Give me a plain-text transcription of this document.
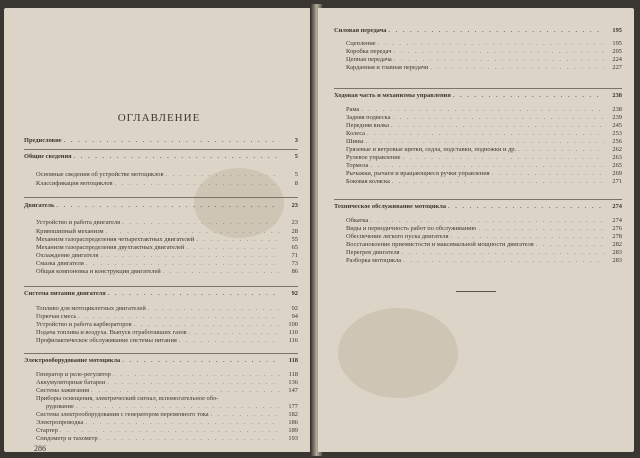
ОГЛАВЛЕНИЕ
Предисловие . . .	3
Общие сведения . . .	5
Основные сведения об устройстве мотоциклов . . .	5
Классификация мотоциклов . . .	8
Двигатель . . .	23
Устройство и работа двигателя . . .	23
Кривошипный механизм . . .	28
Механизм газораспределения четырехтактных двигателей . . .	55
Механизм газораспределения двухтактных двигателей . . .	65
Охлаждение двигателя . . .	71
Смазка двигателя . . .	73
Общая компоновка и конструкция двигателей . . .	86
Система питания двигателя . . .	92
Топливо для мотоциклетных двигателей . . .	92
Горючая смесь . . .	94
Устройство и работа карбюраторов . . .	100
Подача топлива и воздуха. Выпуск отработавших газов . . .	110
Профилактическое обслуживание системы питания . . .	116
Электрооборудование мотоцикла . . .	118
Генератор и реле-регулятор . . .	118
Аккумуляторные батареи . . .	136
Система зажигания . . .	147
Приборы освещения, электрический сигнал, вспомогательное обо-
рудование . . .	177
Система электрооборудования с генератором переменного тока . . .	182
Электропроводка . . .	186
Стартер . . .	189
Спидометр и тахометр . . .	193
286
Силовая передача . . .	195
Сцепление . . .	195
Коробка передач . . .	205
Цепная передача . . .	224
Карданная и главная передачи . . .	227
Ходовая часть и механизмы управления . . .	238
Рама . . .	238
Задняя подвеска . . .	239
Передняя вилка . . .	245
Колеса . . .	253
Шины . . .	256
Грязевые и ветровые щитки, седла, подставки, подножки и др. . . .	262
Рулевое управление . . .	263
Тормоза . . .	265
Рычажки, рычаги и вращающиеся ручки управления . . .	269
Боковая коляска . . .	271
Техническое обслуживание мотоцикла . . .	274
Обкатка . . .	274
Виды и периодичность работ по обслуживанию . . .	276
Обеспечение легкого пуска двигателя . . .	278
Восстановление приемистости и максимальной мощности двигателя . . .	282
Перегрев двигателя . . .	283
Разборка мотоцикла . . .	283
